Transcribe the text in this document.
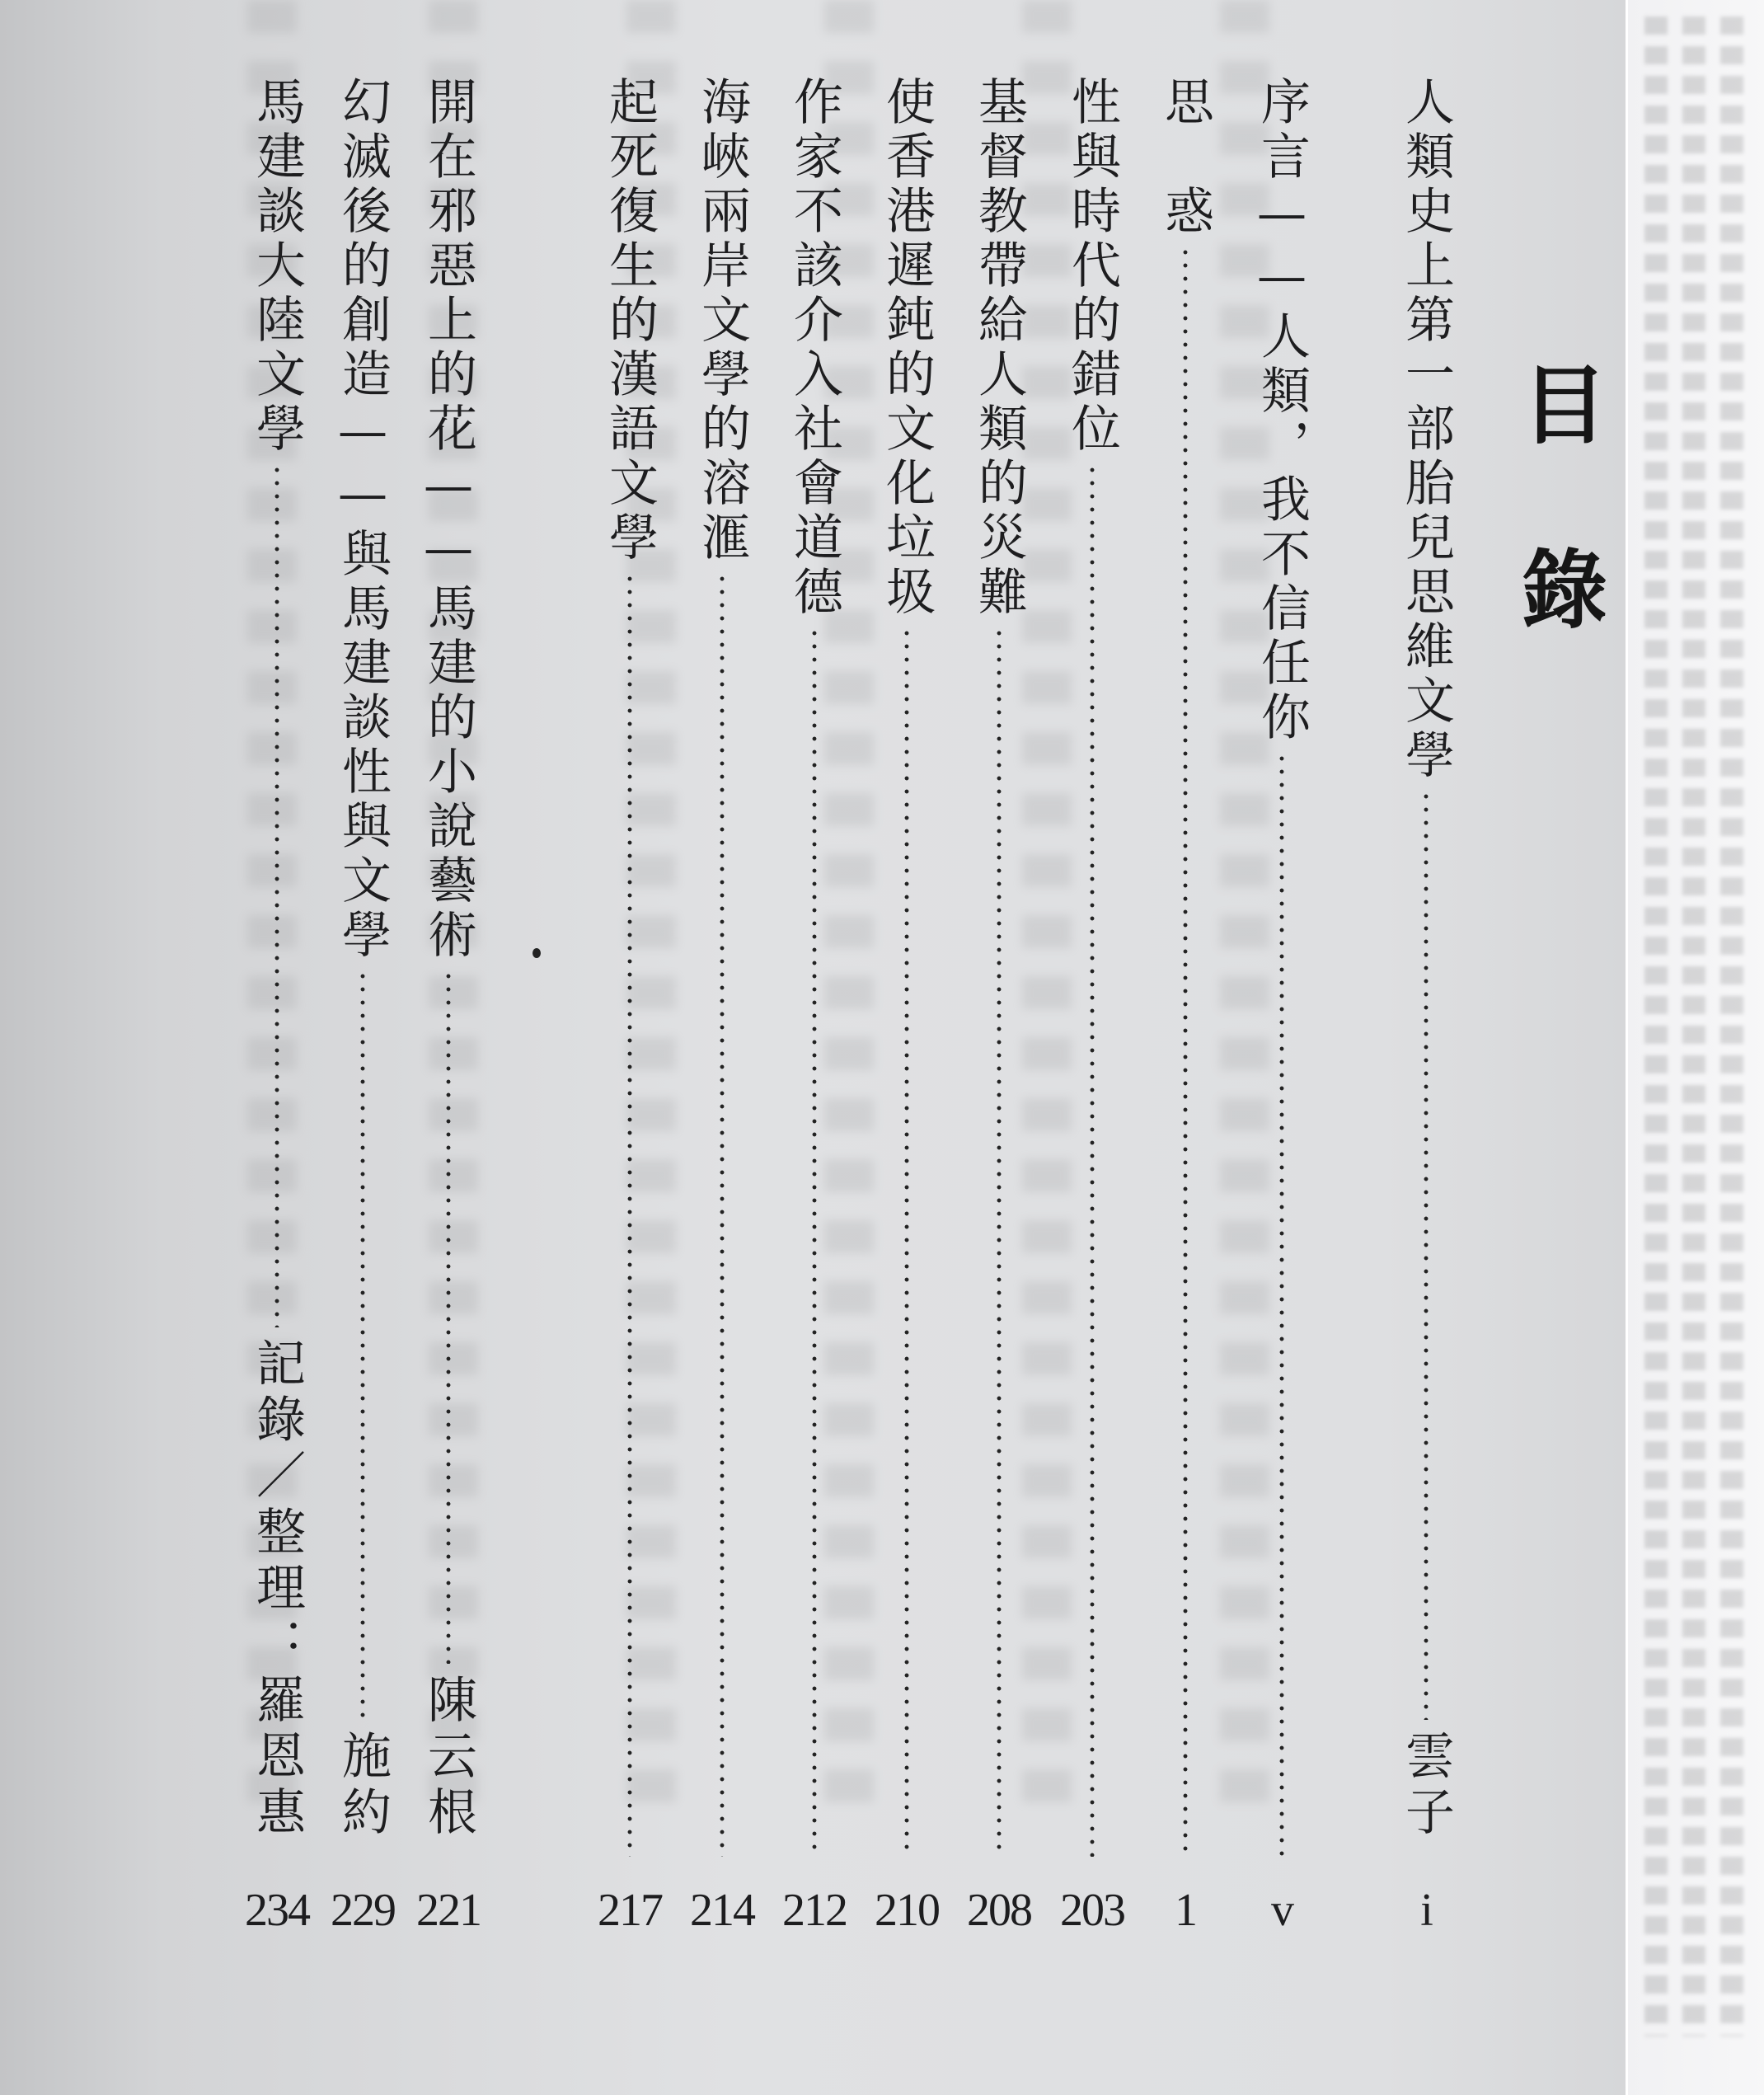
目
錄
人類史上第一部胎兒思維文學
雲子
i
序言——人類，我不信任你
v
思　惑
1
性與時代的錯位
203
基督教帶給人類的災難
208
使香港遲鈍的文化垃圾
210
作家不該介入社會道德
212
海峽兩岸文學的溶滙
214
起死復生的漢語文學
217
開在邪惡上的花——馬建的小說藝術
陳云根
221
幻滅後的創造——與馬建談性與文學
施約
229
馬建談大陸文學
記錄／整理：羅恩惠
234
